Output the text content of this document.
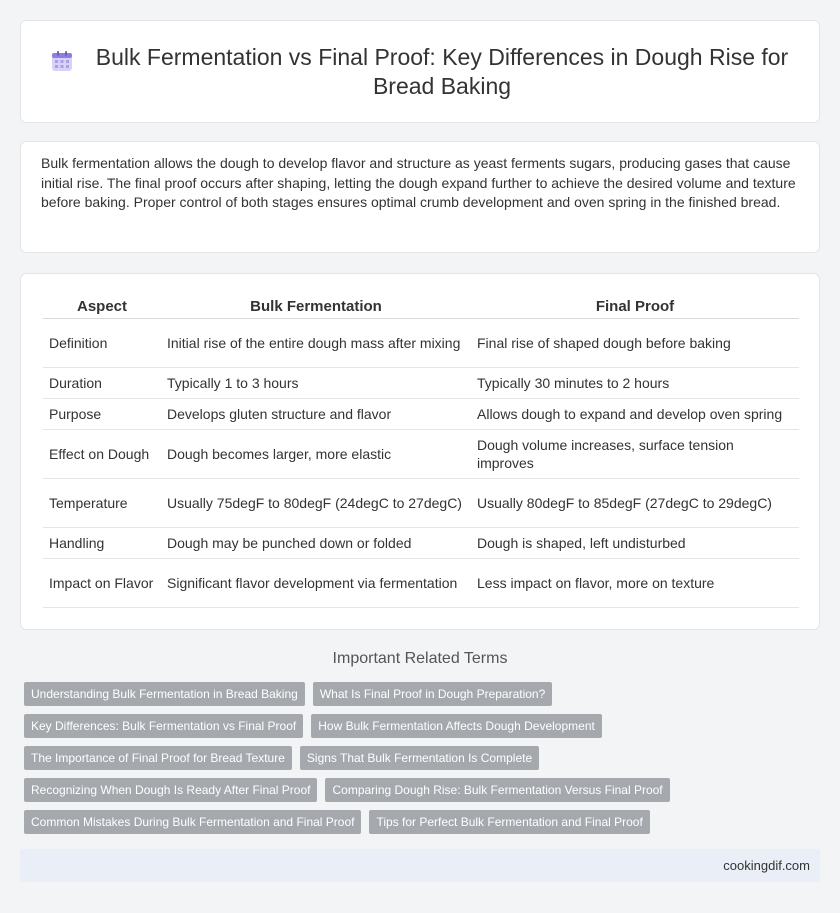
Bulk Fermentation vs Final Proof: Key Differences in Dough Rise for Bread Baking

Bulk fermentation allows the dough to develop flavor and structure as yeast ferments sugars, producing gases that cause initial rise. The final proof occurs after shaping, letting the dough expand further to achieve the desired volume and texture before baking. Proper control of both stages ensures optimal crumb development and oven spring in the finished bread.

Aspect	Bulk Fermentation	Final Proof
Definition	Initial rise of the entire dough mass after mixing	Final rise of shaped dough before baking
Duration	Typically 1 to 3 hours	Typically 30 minutes to 2 hours
Purpose	Develops gluten structure and flavor	Allows dough to expand and develop oven spring
Effect on Dough	Dough becomes larger, more elastic	Dough volume increases, surface tension improves
Temperature	Usually 75degF to 80degF (24degC to 27degC)	Usually 80degF to 85degF (27degC to 29degC)
Handling	Dough may be punched down or folded	Dough is shaped, left undisturbed
Impact on Flavor	Significant flavor development via fermentation	Less impact on flavor, more on texture
Important Related Terms
Understanding Bulk Fermentation in Bread Baking	What Is Final Proof in Dough Preparation?
Key Differences: Bulk Fermentation vs Final Proof	How Bulk Fermentation Affects Dough Development
The Importance of Final Proof for Bread Texture	Signs That Bulk Fermentation Is Complete
Recognizing When Dough Is Ready After Final Proof	Comparing Dough Rise: Bulk Fermentation Versus Final Proof
Common Mistakes During Bulk Fermentation and Final Proof	Tips for Perfect Bulk Fermentation and Final Proof
cookingdif.com
